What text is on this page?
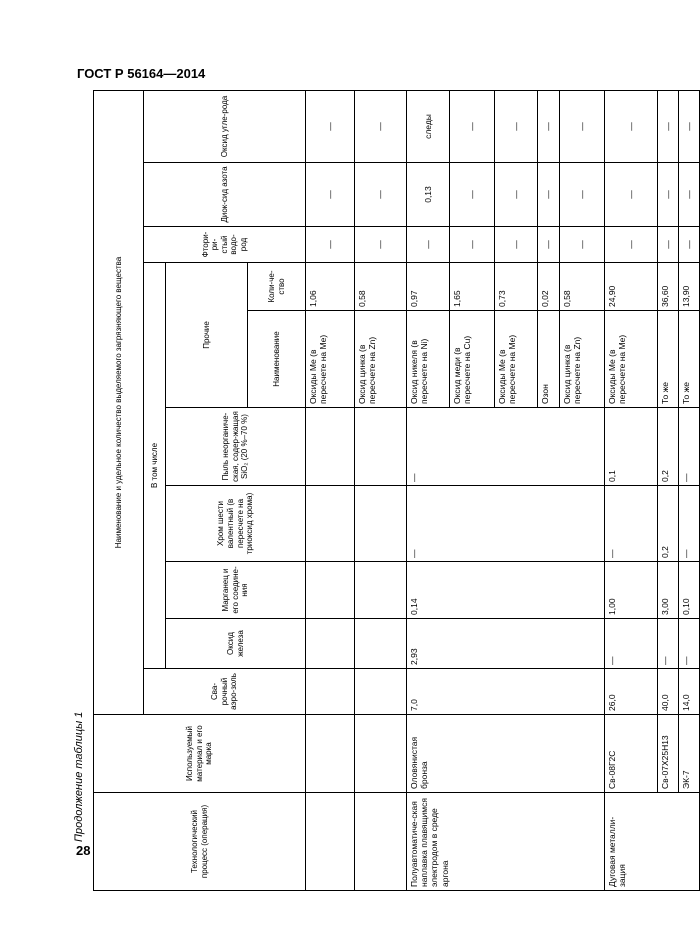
ГОСТ Р 56164—2014
28
Продолжение таблицы 1	Технологический процесс (операция)	Используемый материал и его марка	Наименование и удельное количество выделяемого загрязняющего вещества									
		Сва-рочный аэро-золь	В том числе						Фтори-ри-стый водо-род	Диок-сид азота	Оксид угле-рода
			Оксид железа	Марганец и его соедине-ния	Хром шести валентный (в пересчете на триоксид хрома)	Пыль неорганиче-ская, содер-жащая SiO₂ (20 %–70 %)	Прочие				
							Наименование	Коли-че-ство			
							Оксиды Ме (в пересчете на Ме)	1,06	—	—	—
							Оксид цинка (в пересчете на Zn)	0,58	—	—	—
Полуавтоматиче-ская наплавка плавящимся электродом в среде аргона	Оловянистая бронза	7,0	2,93	0,14	—	—	Оксид никеля (в пересчете на Ni)	0,97	—	0,13	следы
							Оксид меди (в пересчете на Cu)	1,65	—	—	—
							Оксиды Ме (в пересчете на Ме)	0,73	—	—	—
							Озон	0,02	—	—	—
							Оксид цинка (в пересчете на Zn)	0,58	—	—	—
Дуговая металли-зация	Св-08Г2С	26,0	—	1,00	—	0,1	Оксиды Ме (в пересчете на Ме)	24,90	—	—	—
	Св-07Х25Н13	40,0	—	3,00	0,2	0,2	То же	36,60	—	—	—
	ЭК-7	14,0	—	0,10	—	—	То же	13,90	—	—	—
